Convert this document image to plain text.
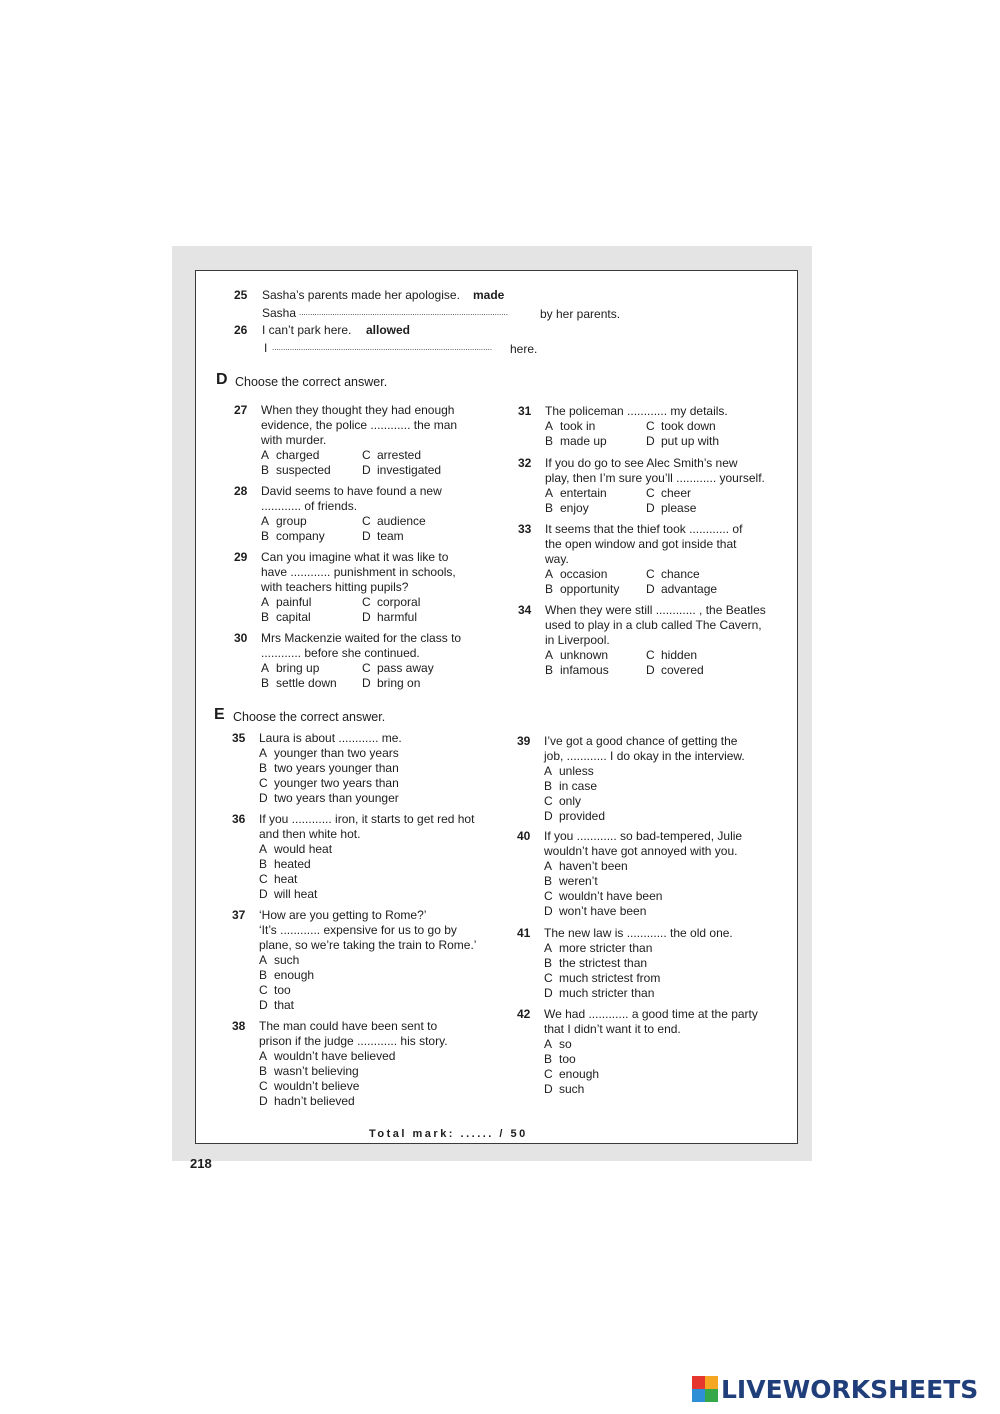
25 Sasha’s parents made her apologise. made
Sasha ..............................................................................................	by her parents.
26 I can’t park here. allowed
I ...................................................................................................	here.
D Choose the correct answer.
E Choose the correct answer.
27	When they thought they had enough
evidence, the police ............ the man
with murder.
A charged	C arrested
B suspected	D investigated
28	David seems to have found a new
............ of friends.
A group	C audience
B company	D team
29	Can you imagine what it was like to
have ............ punishment in schools,
with teachers hitting pupils?
A painful	C corporal
B capital	D harmful
30	Mrs Mackenzie waited for the class to
............ before she continued.
A bring up	C pass away
B settle down	D bring on
31	The policeman ............ my details.
A took in	C took down
B made up	D put up with
32	If you do go to see Alec Smith’s new
play, then I’m sure you’ll ............ yourself.
A entertain	C cheer
B enjoy	D please
33	It seems that the thief took ............ of
the open window and got inside that
way.
A occasion	C chance
B opportunity	D advantage
34	When they were still ............ , the Beatles
used to play in a club called The Cavern,
in Liverpool.
A unknown	C hidden
B infamous	D covered
35	Laura is about ............ me.
A younger than two years
B two years younger than
C younger two years than
D two years than younger
36	If you ............ iron, it starts to get red hot
and then white hot.
A would heat
B heated
C heat
D will heat
37	‘How are you getting to Rome?’
‘It’s ............ expensive for us to go by
plane, so we’re taking the train to Rome.’
A such
B enough
C too
D that
38	The man could have been sent to
prison if the judge ............ his story.
A wouldn’t have believed
B wasn’t believing
C wouldn’t believe
D hadn’t believed
39	I’ve got a good chance of getting the
job, ............ I do okay in the interview.
A unless
B in case
C only
D provided
40	If you ............ so bad-tempered, Julie
wouldn’t have got annoyed with you.
A haven’t been
B weren’t
C wouldn’t have been
D won’t have been
41	The new law is ............ the old one.
A more stricter than
B the strictest than
C much strictest from
D much stricter than
42	We had ............ a good time at the party
that I didn’t want it to end.
A so
B too
C enough
D such
Total mark: ...... / 50
218
LIVEWORKSHEETS
